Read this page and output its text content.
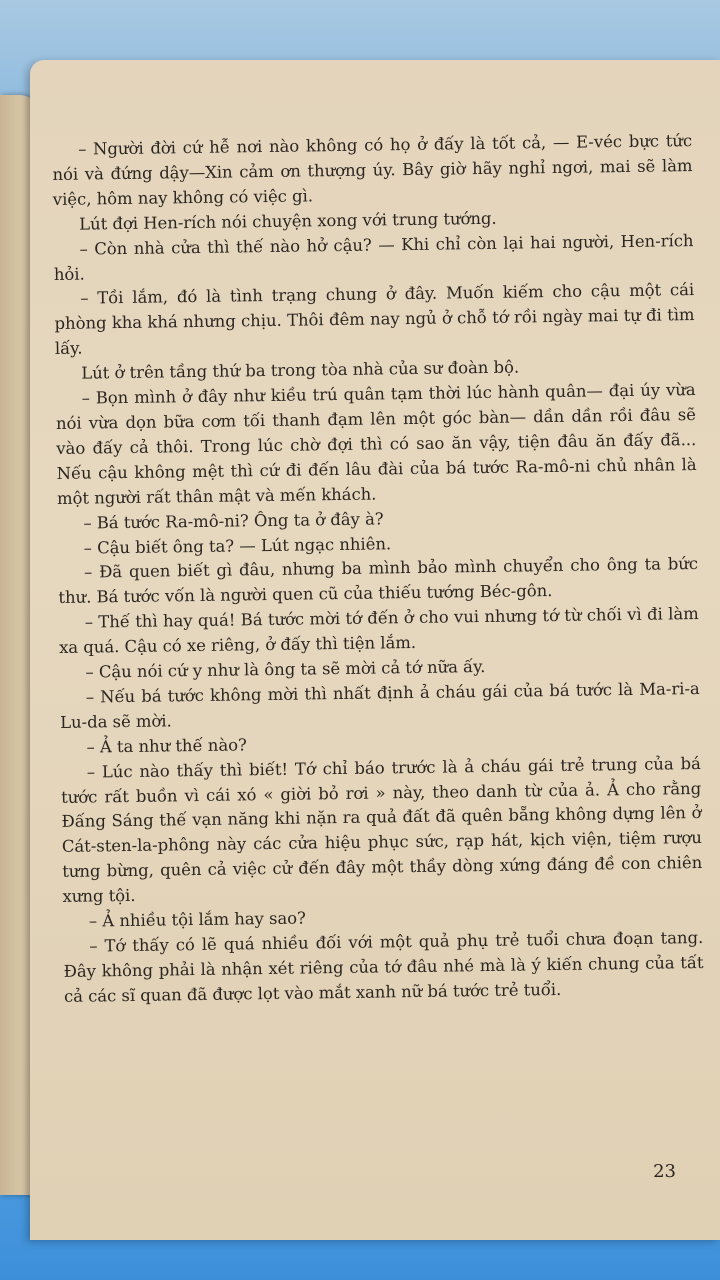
– Người đời cứ hễ nơi nào không có họ ở đấy là tốt cả, — E-véc bực tức nói và đứng dậy—Xin cảm ơn thượng úy. Bây giờ hãy nghỉ ngơi, mai sẽ làm việc, hôm nay không có việc gì.

Lút đợi Hen-rích nói chuyện xong với trung tướng.

– Còn nhà cửa thì thế nào hở cậu? — Khi chỉ còn lại hai người, Hen-rích hỏi.

– Tồi lắm, đó là tình trạng chung ở đây. Muốn kiếm cho cậu một cái phòng kha khá nhưng chịu. Thôi đêm nay ngủ ở chỗ tớ rồi ngày mai tự đi tìm lấy.

Lút ở trên tầng thứ ba trong tòa nhà của sư đoàn bộ.

– Bọn mình ở đây như kiều trú quân tạm thời lúc hành quân— đại úy vừa nói vừa dọn bữa cơm tối thanh đạm lên một góc bàn— dần dần rồi đâu sẽ vào đấy cả thôi. Trong lúc chờ đợi thì có sao ăn vậy, tiện đâu ăn đấy đã... Nếu cậu không mệt thì cứ đi đến lâu đài của bá tước Ra-mô-ni chủ nhân là một người rất thân mật và mến khách.

– Bá tước Ra-mô-ni? Ông ta ở đây à?

– Cậu biết ông ta? — Lút ngạc nhiên.

– Đã quen biết gì đâu, nhưng ba mình bảo mình chuyển cho ông ta bức thư. Bá tước vốn là người quen cũ của thiếu tướng Béc-gôn.

– Thế thì hay quá! Bá tước mời tớ đến ở cho vui nhưng tớ từ chối vì đi làm xa quá. Cậu có xe riêng, ở đấy thì tiện lắm.

– Cậu nói cứ y như là ông ta sẽ mời cả tớ nữa ấy.

– Nếu bá tước không mời thì nhất định ả cháu gái của bá tước là Ma-ri-a Lu-da sẽ mời.

– Ả ta như thế nào?

– Lúc nào thấy thì biết! Tớ chỉ báo trước là ả cháu gái trẻ trung của bá tước rất buồn vì cái xó « giời bỏ rơi » này, theo danh từ của ả. Ả cho rằng Đấng Sáng thế vạn năng khi nặn ra quả đất đã quên bẵng không dựng lên ở Cát-sten-la-phông này các cửa hiệu phục sức, rạp hát, kịch viện, tiệm rượu tưng bừng, quên cả việc cử đến đây một thầy dòng xứng đáng đề con chiên xưng tội.

– Ả nhiều tội lắm hay sao?

– Tớ thấy có lẽ quá nhiều đối với một quả phụ trẻ tuổi chưa đoạn tang. Đây không phải là nhận xét riêng của tớ đâu nhé mà là ý kiến chung của tất cả các sĩ quan đã được lọt vào mắt xanh nữ bá tước trẻ tuổi.

23
